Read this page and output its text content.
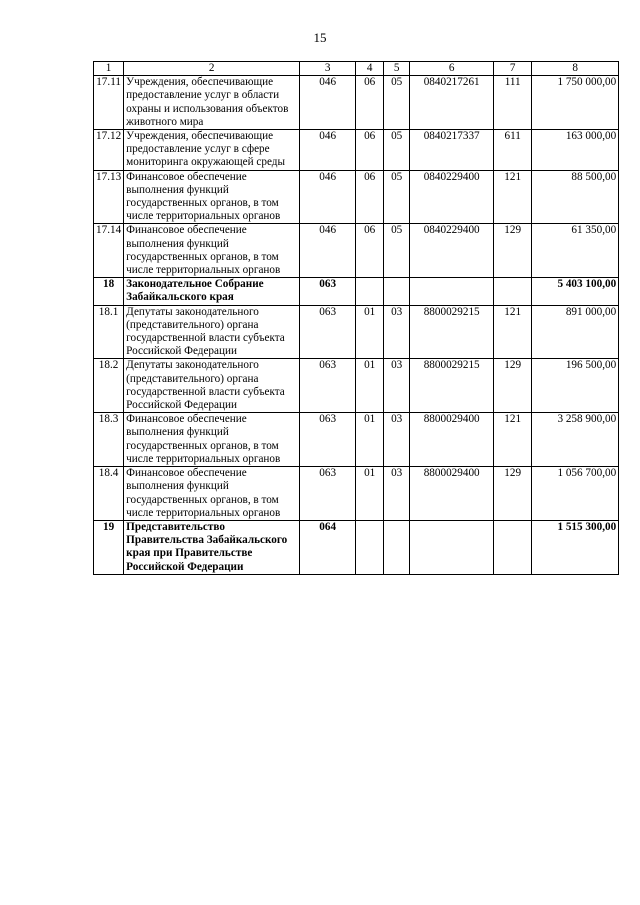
15
1	2	3	4	5	6	7	8
17.11	Учреждения, обеспечивающие предоставление услуг в области охраны и использования объектов животного мира	046	06	05	0840217261	111	1 750 000,00
17.12	Учреждения, обеспечивающие предоставление услуг в сфере мониторинга окружающей среды	046	06	05	0840217337	611	163 000,00
17.13	Финансовое обеспечение выполнения функций государственных органов, в том числе территориальных органов	046	06	05	0840229400	121	88 500,00
17.14	Финансовое обеспечение выполнения функций государственных органов, в том числе территориальных органов	046	06	05	0840229400	129	61 350,00
18	Законодательное Собрание Забайкальского края	063					5 403 100,00
18.1	Депутаты законодательного (представительного) органа государственной власти субъекта Российской Федерации	063	01	03	8800029215	121	891 000,00
18.2	Депутаты законодательного (представительного) органа государственной власти субъекта Российской Федерации	063	01	03	8800029215	129	196 500,00
18.3	Финансовое обеспечение выполнения функций государственных органов, в том числе территориальных органов	063	01	03	8800029400	121	3 258 900,00
18.4	Финансовое обеспечение выполнения функций государственных органов, в том числе территориальных органов	063	01	03	8800029400	129	1 056 700,00
19	Представительство Правительства Забайкальского края при Правительстве Российской Федерации	064					1 515 300,00
